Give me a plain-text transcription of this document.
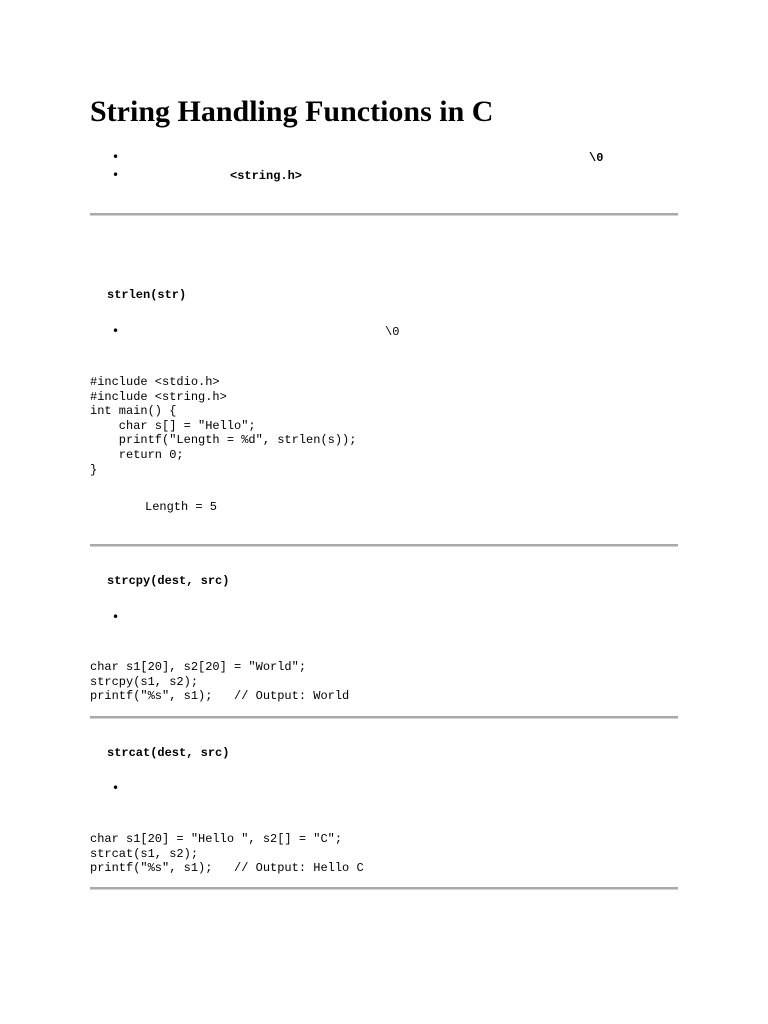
String Handling Functions in C
•	\0
•	<string.h>
strlen(str)
•	\0
#include <stdio.h>
#include <string.h>
int main() {
char s[] = "Hello";
printf("Length = %d", strlen(s));
return 0;
}
Length = 5
strcpy(dest, src)
•
char s1[20], s2[20] = "World";
strcpy(s1, s2);
printf("%s", s1);   // Output: World
strcat(dest, src)
•
char s1[20] = "Hello ", s2[] = "C";
strcat(s1, s2);
printf("%s", s1);   // Output: Hello C
